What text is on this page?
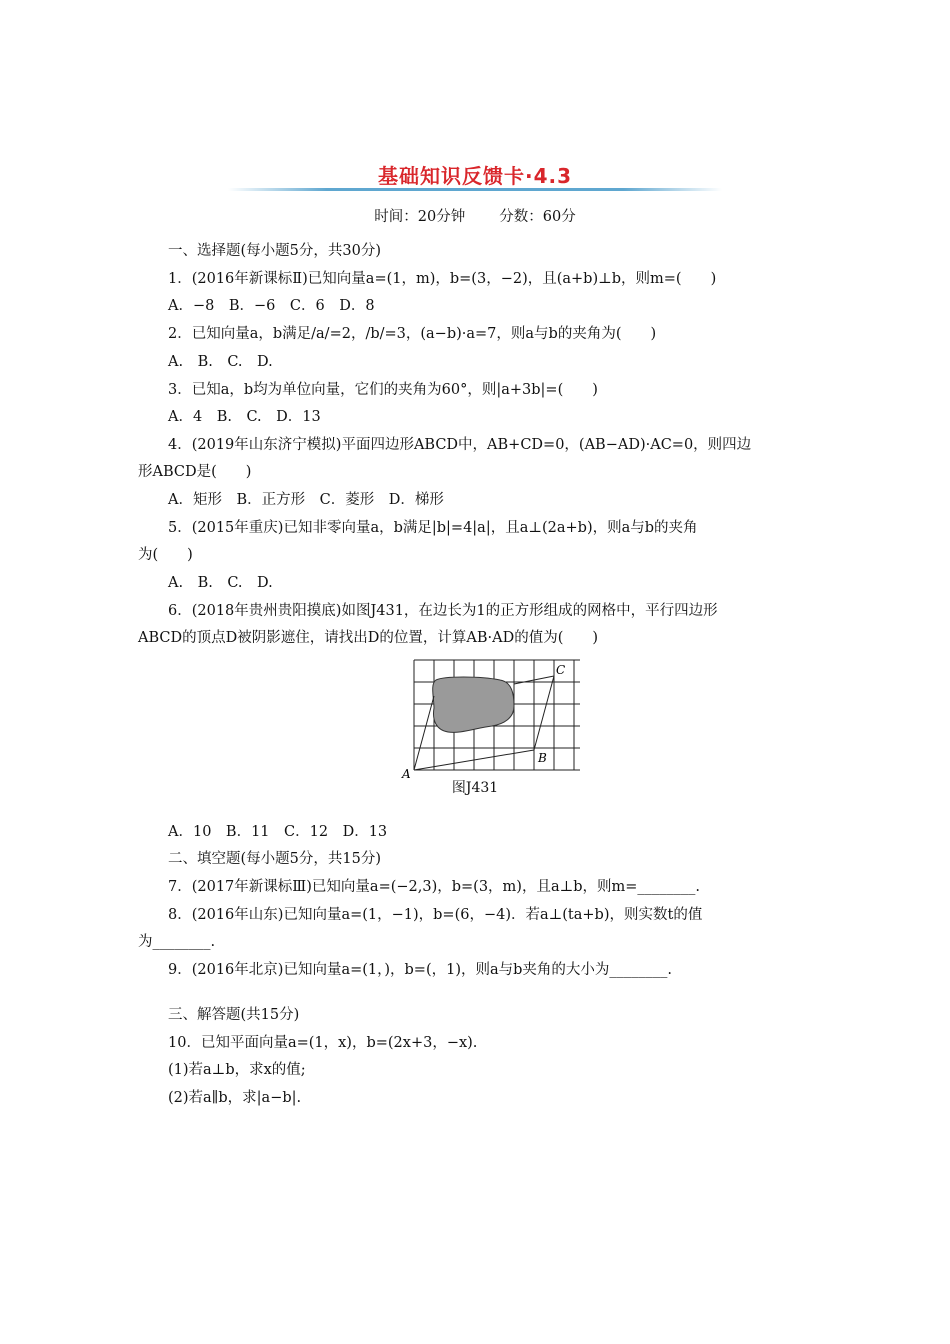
基础知识反馈卡·4.3
时间：20分钟 分数：60分
一、选择题(每小题5分，共30分)
1．(2016年新课标Ⅱ)已知向量a=(1，m)，b=(3，−2)，且(a+b)⊥b，则m=(　　)
A．−8　B．−6　C．6　D．8
2．已知向量a，b满足/a/=2，/b/=3，(a−b)·a=7，则a与b的夹角为(　　)
A.　B.　C.　D.
3．已知a，b均为单位向量，它们的夹角为60°，则|a+3b|=(　　)
A．4　B.　C.　D．13
4．(2019年山东济宁模拟)平面四边形ABCD中，AB+CD=0，(AB−AD)·AC=0，则四边
形ABCD是(　　)
A．矩形　B．正方形　C．菱形　D．梯形
5．(2015年重庆)已知非零向量a，b满足|b|=4|a|，且a⊥(2a+b)，则a与b的夹角
为(　　)
A.　B.　C.　D.
6．(2018年贵州贵阳摸底)如图J431，在边长为1的正方形组成的网格中，平行四边形
ABCD的顶点D被阴影遮住，请找出D的位置，计算AB·AD的值为(　　)
A．10　B．11　C．12　D．13
二、填空题(每小题5分，共15分)
7．(2017年新课标Ⅲ)已知向量a=(−2,3)，b=(3，m)，且a⊥b，则m=________.
8．(2016年山东)已知向量a=(1，−1)，b=(6，−4)．若a⊥(ta+b)，则实数t的值
为________.
9．(2016年北京)已知向量a=(1，)，b=(，1)，则a与b夹角的大小为________.
三、解答题(共15分)
10．已知平面向量a=(1，x)，b=(2x+3，−x).
(1)若a⊥b，求x的值;
(2)若a∥b，求|a−b|.
A
B
C
图J431
